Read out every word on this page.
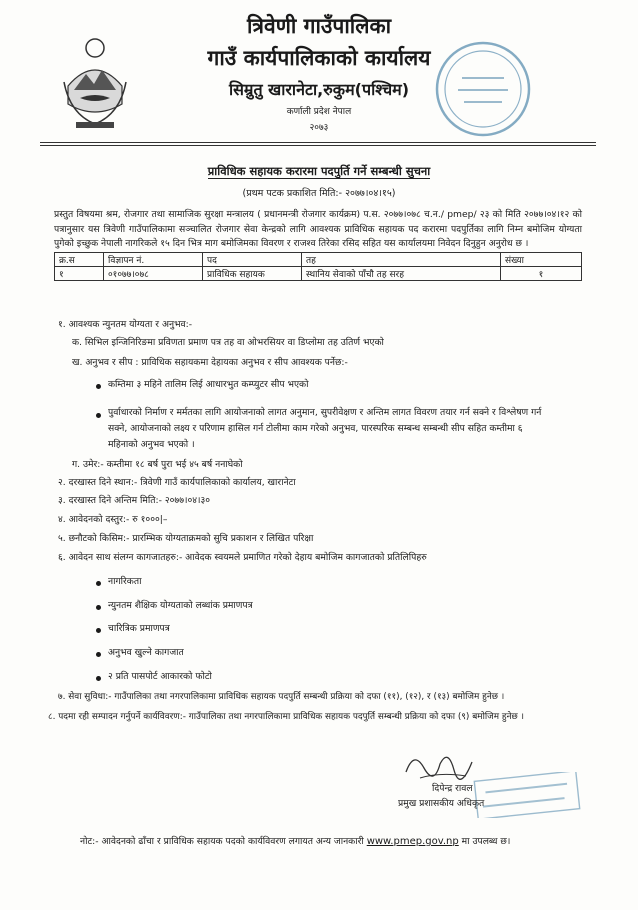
त्रिवेणी गाउँपालिका
गाउँ कार्यपालिकाको कार्यालय
सिम्रुतु खारानेटा,रुकुम(पश्चिम)
कर्णाली प्रदेश नेपाल
२०७३
प्राविधिक सहायक करारमा पदपुर्ति गर्ने सम्बन्धी सुचना
(प्रथम पटक प्रकाशित मिति:- २०७७।०४।१५)
प्रस्तुत विषयमा श्रम, रोजगार तथा सामाजिक सुरक्षा मन्त्रालय ( प्रधानमन्त्री रोजगार कार्यक्रम) प.स. २०७७।०७८ च.न./ pmep/ २३ को मिति २०७७।०४।१२ को पत्रानुसार यस त्रिवेणी गाउँपालिकामा सञ्चालित रोजगार सेवा केन्द्रको लागि आवश्यक प्राविधिक सहायक पद करारमा पदपुर्तिका लागि निम्न बमोजिम योग्यता पुगेको इच्छुक नेपाली नागरिकले १५ दिन भित्र माग बमोजिमका विवरण र राजश्व तिरेका रसिद सहित यस कार्यालयमा निवेदन दिनुहुन अनुरोध छ ।
क्र.स	विज्ञापन नं.	पद	तह	संख्या
१	०१०७७।०७८	प्राविधिक सहायक	स्थानिय सेवाको पाँचौ तह सरह	१
१. आवश्यक न्युनतम योग्यता र अनुभव:-
क. सिभिल इन्जिनिरिङमा प्रविणता प्रमाण पत्र तह वा ओभरसियर वा डिप्लोमा तह उतिर्ण भएको
ख. अनुभव र सीप : प्राविधिक सहायकमा देहायका अनुभव र सीप आवश्यक पर्नेछ:-
कम्तिमा ३ महिने तालिम लिई आधारभुत कम्प्युटर सीप भएको
पुर्वाधारको निर्माण र मर्मतका लागि आयोजनाको लागत अनुमान, सुपरीवेक्षण र अन्तिम लागत विवरण तयार गर्न सक्ने र विश्लेषण गर्न
सक्ने, आयोजनाको लक्ष्य र परिणाम हासिल गर्न टोलीमा काम गरेको अनुभव, पारस्परिक सम्बन्ध सम्बन्धी सीप सहित कम्तीमा ६
महिनाको अनुभव भएको ।
ग. उमेर:- कम्तीमा १८ बर्ष पुरा भई ४५ बर्ष ननाघेको
२. दरखास्त दिने स्थान:- त्रिवेणी गाउँ कार्यपालिकाको कार्यालय, खारानेटा
३. दरखास्त दिने अन्तिम मिति:- २०७७।०४।३०
४. आवेदनको दस्तुर:- रु १०००|–
५. छनौटको किसिम:- प्रारम्भिक योग्यताक्रमको सुचि प्रकाशन र लिखित परिक्षा
६. आवेदन साथ संलग्न कागजातहरु:- आवेदक स्वयमले प्रमाणित गरेको देहाय बमोजिम कागजातको प्रतिलिपिहरु
नागरिकता
न्युनतम शैक्षिक योग्यताको लब्धांक प्रमाणपत्र
चारित्रिक प्रमाणपत्र
अनुभव खुल्ने कागजात
२ प्रति पासपोर्ट आकारको फोटो
७. सेवा सुविधा:- गाउँपालिका तथा नगरपालिकामा प्राविधिक सहायक पदपुर्ति सम्बन्धी प्रक्रिया को दफा (११), (१२), र (१३) बमोजिम हुनेछ ।
८. पदमा रही सम्पादन गर्नुपर्ने कार्यविवरण:- गाउँपालिका तथा नगरपालिकामा प्राविधिक सहायक पदपुर्ति सम्बन्धी प्रक्रिया को दफा (९) बमोजिम हुनेछ ।
दिपेन्द्र रावल
प्रमुख प्रशासकीय अधिकृत
नोट:- आवेदनको ढाँचा र प्राविधिक सहायक पदको कार्यविवरण लगायत अन्य जानकारी www.pmep.gov.np मा उपलब्ध छ।
